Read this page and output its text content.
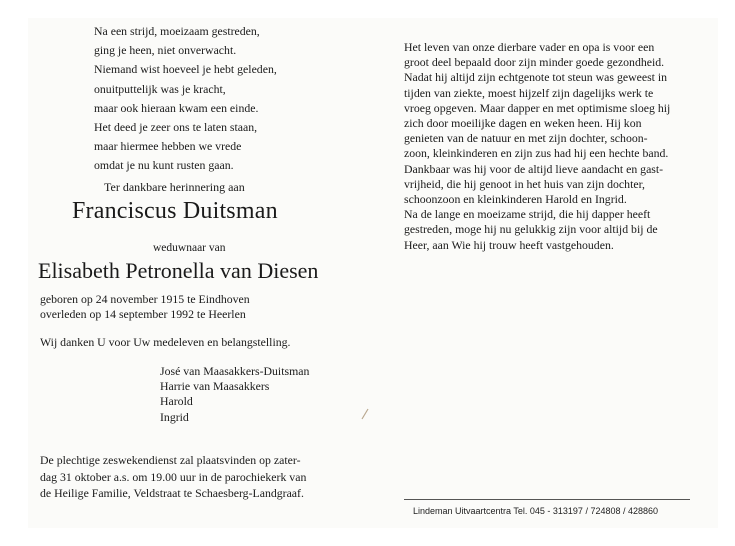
Na een strijd, moeizaam gestreden,
ging je heen, niet onverwacht.
Niemand wist hoeveel je hebt geleden,
onuitputtelijk was je kracht,
maar ook hieraan kwam een einde.
Het deed je zeer ons te laten staan,
maar hiermee hebben we vrede
omdat je nu kunt rusten gaan.
Ter dankbare herinnering aan
Franciscus Duitsman
weduwnaar van
Elisabeth Petronella van Diesen
geboren op 24 november 1915 te Eindhoven
overleden op 14 september 1992 te Heerlen
Wij danken U voor Uw medeleven en belangstelling.
José van Maasakkers-Duitsman
Harrie van Maasakkers
Harold
Ingrid
De plechtige zeswekendienst zal plaatsvinden op zater-
dag 31 oktober a.s. om 19.00 uur in de parochiekerk van
de Heilige Familie, Veldstraat te Schaesberg-Landgraaf.
Het leven van onze dierbare vader en opa is voor een
groot deel bepaald door zijn minder goede gezondheid.
Nadat hij altijd zijn echtgenote tot steun was geweest in
tijden van ziekte, moest hijzelf zijn dagelijks werk te
vroeg opgeven. Maar dapper en met optimisme sloeg hij
zich door moeilijke dagen en weken heen. Hij kon
genieten van de natuur en met zijn dochter, schoon-
zoon, kleinkinderen en zijn zus had hij een hechte band.
Dankbaar was hij voor de altijd lieve aandacht en gast-
vrijheid, die hij genoot in het huis van zijn dochter,
schoonzoon en kleinkinderen Harold en Ingrid.
Na de lange en moeizame strijd, die hij dapper heeft
gestreden, moge hij nu gelukkig zijn voor altijd bij de
Heer, aan Wie hij trouw heeft vastgehouden.
Lindeman Uitvaartcentra Tel. 045 - 313197 / 724808 / 428860
